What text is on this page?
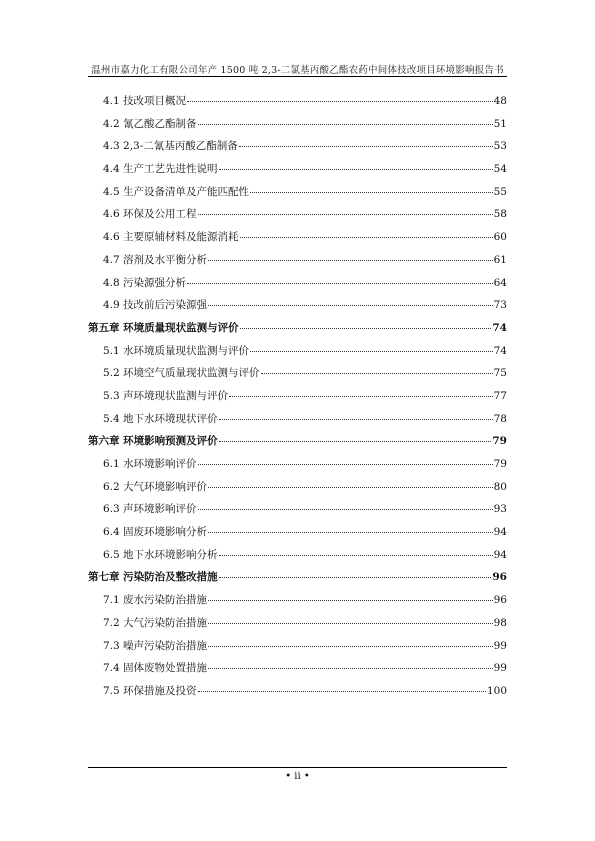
温州市嘉力化工有限公司年产 1500 吨 2,3-二氯基丙酸乙酯农药中间体技改项目环境影响报告书
4.1 技改项目概况	48
4.2 氰乙酸乙酯制备	51
4.3 2,3-二氰基丙酸乙酯制备	53
4.4 生产工艺先进性说明	54
4.5 生产设备清单及产能匹配性	55
4.6 环保及公用工程	58
4.6 主要原辅材料及能源消耗	60
4.7 溶剂及水平衡分析	61
4.8 污染源强分析	64
4.9 技改前后污染源强	73
第五章 环境质量现状监测与评价	74
5.1 水环境质量现状监测与评价	74
5.2 环境空气质量现状监测与评价	75
5.3 声环境现状监测与评价	77
5.4 地下水环境现状评价	78
第六章 环境影响预测及评价	79
6.1 水环境影响评价	79
6.2 大气环境影响评价	80
6.3 声环境影响评价	93
6.4 固废环境影响分析	94
6.5 地下水环境影响分析	94
第七章 污染防治及整改措施	96
7.1 废水污染防治措施	96
7.2 大气污染防治措施	98
7.3 噪声污染防治措施	99
7.4 固体废物处置措施	99
7.5 环保措施及投资	100
• ii •
